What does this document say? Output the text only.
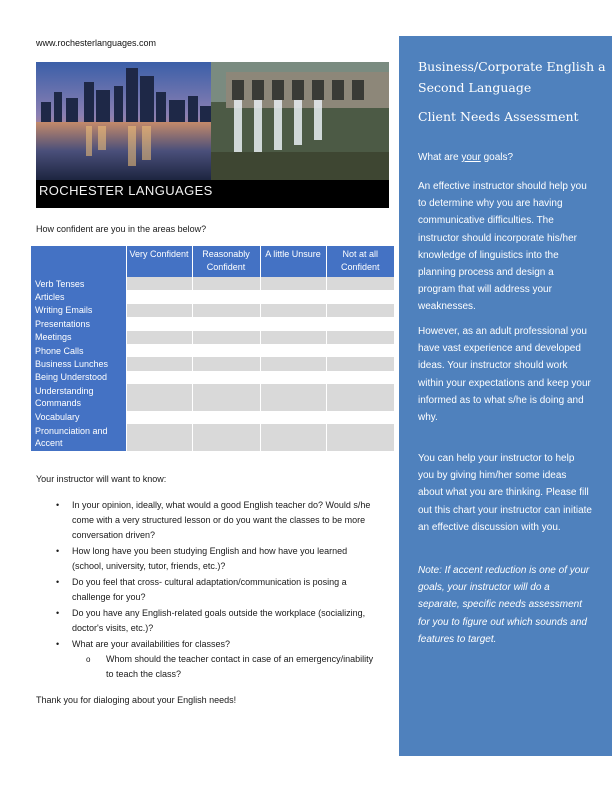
www.rochesterlanguages.com
ROCHESTER LANGUAGES
How confident are you in the areas below?
	Very Confident	Reasonably Confident	A little Unsure	Not at all Confident
Verb Tenses				
Articles				
Writing Emails				
Presentations				
Meetings				
Phone Calls				
Business Lunches				
Being Understood				
Understanding Commands				
Vocabulary				
Pronunciation and Accent				
Your instructor will want to know:
• In your opinion, ideally, what would a good English teacher do? Would s/he come with a very structured lesson or do you want the classes to be more conversation driven?
• How long have you been studying English and how have you learned (school, university, tutor, friends, etc.)?
• Do you feel that cross- cultural adaptation/communication is posing a challenge for you?
• Do you have any English-related goals outside the workplace (socializing, doctor's visits, etc.)?
• What are your availabilities for classes?
o Whom should the teacher contact in case of an emergency/inability to teach the class?
Thank you for dialoging about your English needs!
Business/Corporate English a Second Language
Client Needs Assessment
What are your goals?
An effective instructor should help you to determine why you are having communicative difficulties. The instructor should incorporate his/her knowledge of linguistics into the planning process and design a program that will address your weaknesses.
However, as an adult professional you have vast experience and developed ideas. Your instructor should work within your expectations and keep your informed as to what s/he is doing and why.
You can help your instructor to help you by giving him/her some ideas about what you are thinking. Please fill out this chart your instructor can initiate an effective discussion with you.
Note: If accent reduction is one of your goals, your instructor will do a separate, specific needs assessment for you to figure out which sounds and features to target.
